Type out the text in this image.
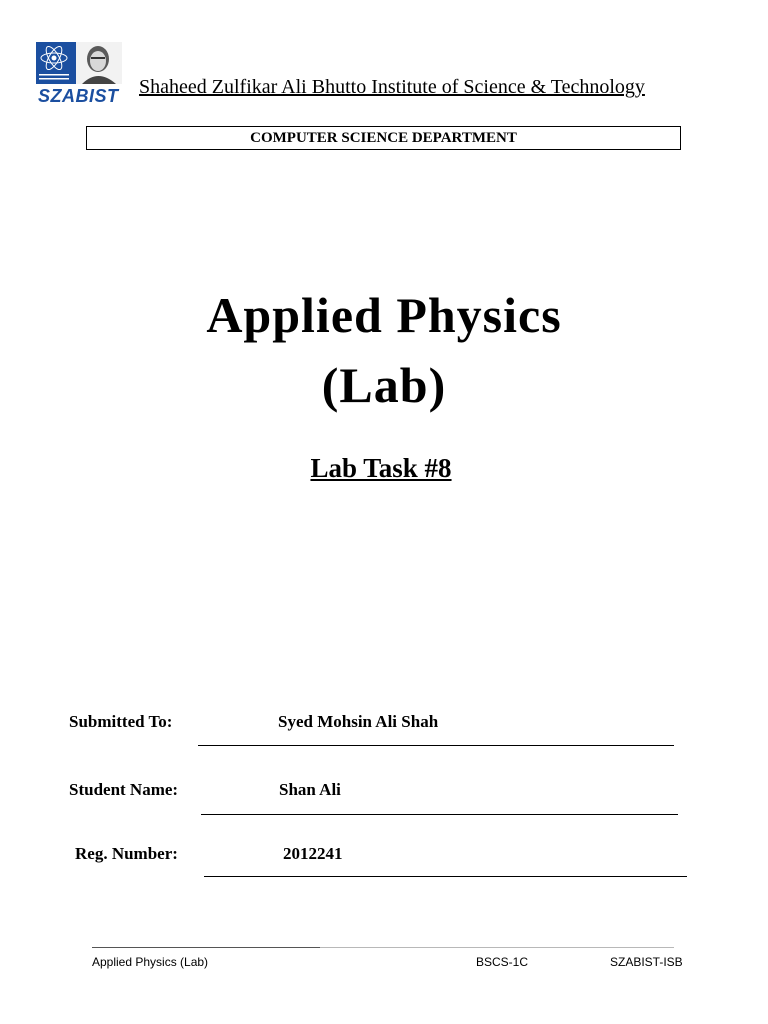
SZABIST Shaheed Zulfikar Ali Bhutto Institute of Science & Technology
COMPUTER SCIENCE DEPARTMENT
Applied Physics
(Lab)
Lab Task #8
Submitted To:	Syed Mohsin Ali Shah
Student Name:	Shan Ali
Reg. Number:	2012241
Applied Physics (Lab)	BSCS-1C	SZABIST-ISB
